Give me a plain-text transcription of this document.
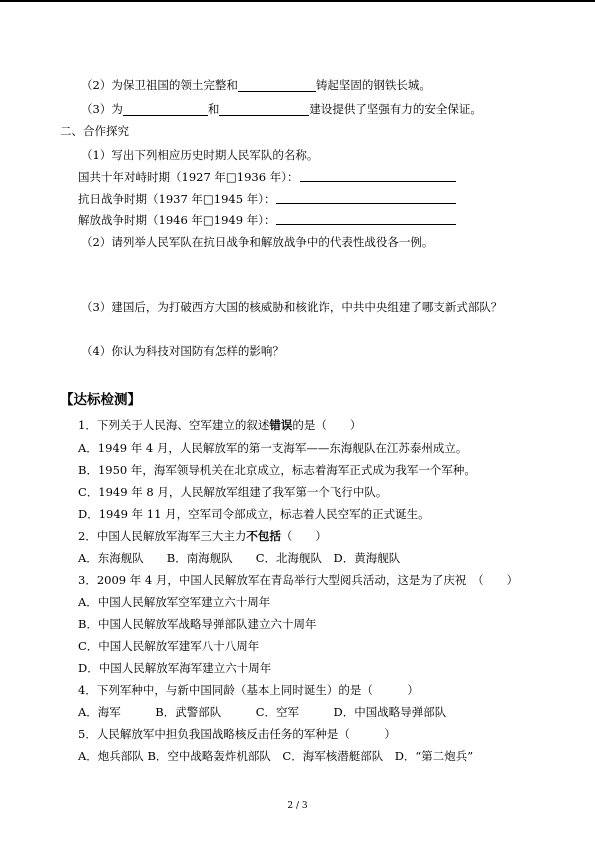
（2）为保卫祖国的领土完整和	铸起坚固的钢铁长城。
（3）为	和	建设提供了坚强有力的安全保证。
二、合作探究
（1）写出下列相应历史时期人民军队的名称。
国共十年对峙时期（1927 年□1936 年）：
抗日战争时期（1937 年□1945 年）：
解放战争时期（1946 年□1949 年）：
（2）请列举人民军队在抗日战争和解放战争中的代表性战役各一例。
（3）建国后，为打破西方大国的核威胁和核讹诈，中共中央组建了哪支新式部队？
（4）你认为科技对国防有怎样的影响？
【达标检测】
1．下列关于人民海、空军建立的叙述错误的是（　　）
A．1949 年 4 月，人民解放军的第一支海军——东海舰队在江苏泰州成立。
B．1950 年，海军领导机关在北京成立，标志着海军正式成为我军一个军种。
C．1949 年 8 月，人民解放军组建了我军第一个飞行中队。
D．1949 年 11 月，空军司令部成立，标志着人民空军的正式诞生。
2．中国人民解放军海军三大主力不包括（　　）
A．东海舰队　　B．南海舰队　　C．北海舰队　D．黄海舰队
3．2009 年 4 月，中国人民解放军在青岛举行大型阅兵活动，这是为了庆祝　（　　）
A．中国人民解放军空军建立六十周年
B．中国人民解放军战略导弹部队建立六十周年
C．中国人民解放军建军八十八周年
D．中国人民解放军海军建立六十周年
4．下列军种中，与新中国同龄（基本上同时诞生）的是（　　　）
A．海军　　　B．武警部队　　　C．空军　　　D．中国战略导弹部队
5．人民解放军中担负我国战略核反击任务的军种是（　　　）
A．炮兵部队 B．空中战略轰炸机部队　C．海军核潜艇部队　D．“第二炮兵”
2 / 3
